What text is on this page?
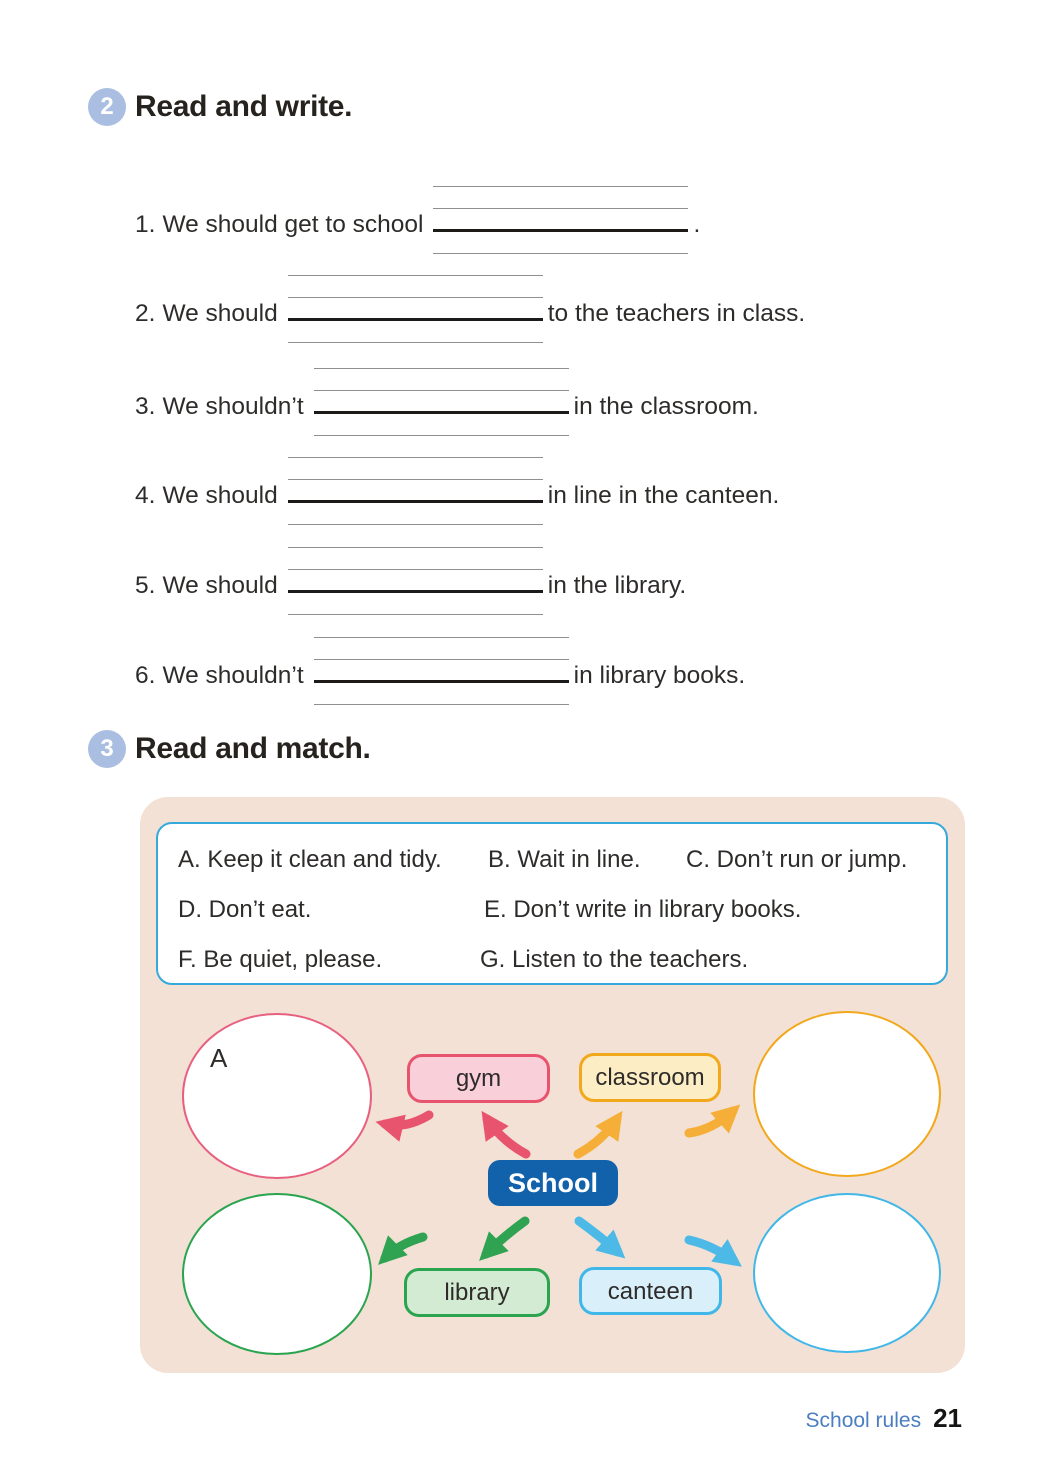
2 Read and write.
1. We should get to school	.
2. We should	to the teachers in class.
3. We shouldn’t	in the classroom.
4. We should	in line in the canteen.
5. We should	in the library.
6. We shouldn’t	in library books.
3 Read and match.
A. Keep it clean and tidy. B. Wait in line. C. Don’t run or jump.
D. Don’t eat.	E. Don’t write in library books.
F. Be quiet, please.	G. Listen to the teachers.
A
gym	classroom
library	canteen
School
School rules 21
